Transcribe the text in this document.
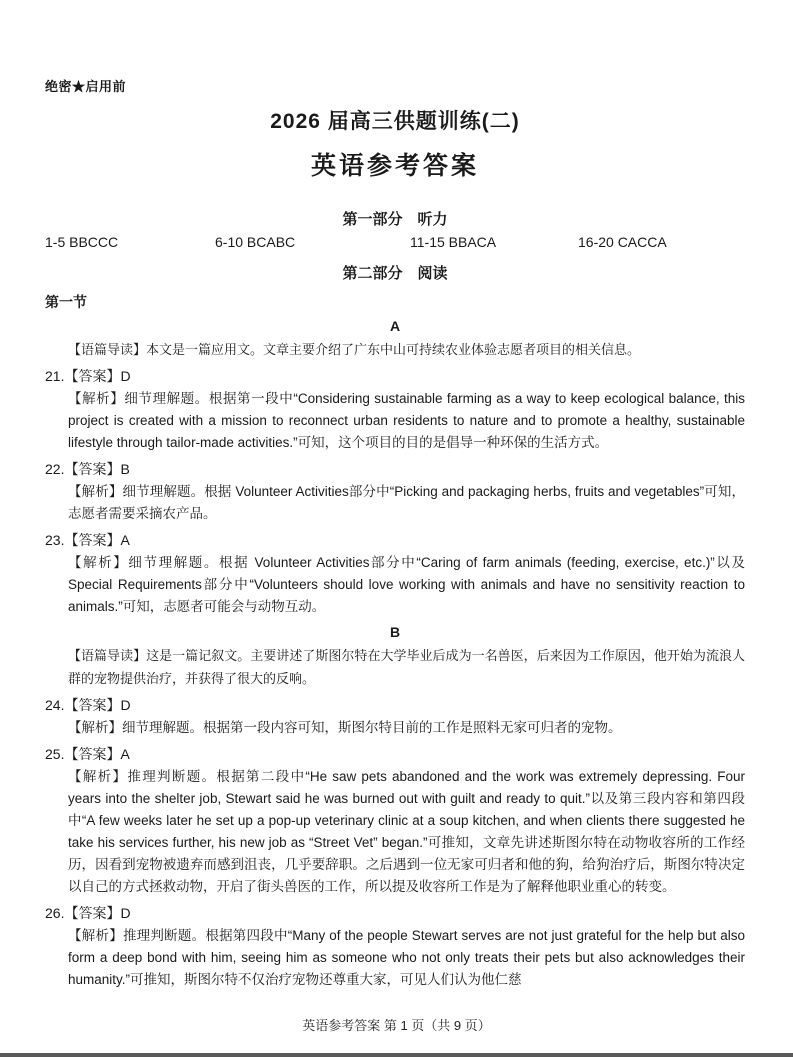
绝密★启用前
2026 届高三供题训练(二)
英语参考答案
第一部分　听力
1-5 BBCCC	6-10 BCABC	11-15 BBACA	16-20 CACCA
第二部分　阅读
第一节
A

【语篇导读】本文是一篇应用文。文章主要介绍了广东中山可持续农业体验志愿者项目的相关信息。

21.【答案】D

【解析】细节理解题。根据第一段中“Considering sustainable farming as a way to keep ecological balance, this project is created with a mission to reconnect urban residents to nature and to promote a healthy, sustainable lifestyle through tailor-made activities.”可知，这个项目的目的是倡导一种环保的生活方式。

22.【答案】B

【解析】细节理解题。根据 Volunteer Activities部分中“Picking and packaging herbs, fruits and vegetables”可知，志愿者需要采摘农产品。

23.【答案】A

【解析】细节理解题。根据 Volunteer Activities部分中“Caring of farm animals (feeding, exercise, etc.)”以及 Special Requirements部分中“Volunteers should love working with animals and have no sensitivity reaction to animals.”可知，志愿者可能会与动物互动。

B

【语篇导读】这是一篇记叙文。主要讲述了斯图尔特在大学毕业后成为一名兽医，后来因为工作原因，他开始为流浪人群的宠物提供治疗，并获得了很大的反响。

24.【答案】D

【解析】细节理解题。根据第一段内容可知，斯图尔特目前的工作是照料无家可归者的宠物。

25.【答案】A

【解析】推理判断题。根据第二段中“He saw pets abandoned and the work was extremely depressing. Four years into the shelter job, Stewart said he was burned out with guilt and ready to quit.”以及第三段内容和第四段中“A few weeks later he set up a pop-up veterinary clinic at a soup kitchen, and when clients there suggested he take his services further, his new job as “Street Vet” began.”可推知，文章先讲述斯图尔特在动物收容所的工作经历，因看到宠物被遗弃而感到沮丧，几乎要辞职。之后遇到一位无家可归者和他的狗，给狗治疗后，斯图尔特决定以自己的方式拯救动物，开启了街头兽医的工作，所以提及收容所工作是为了解释他职业重心的转变。

26.【答案】D

【解析】推理判断题。根据第四段中“Many of the people Stewart serves are not just grateful for the help but also form a deep bond with him, seeing him as someone who not only treats their pets but also acknowledges their humanity.”可推知，斯图尔特不仅治疗宠物还尊重大家，可见人们认为他仁慈

英语参考答案 第 1 页（共 9 页）
